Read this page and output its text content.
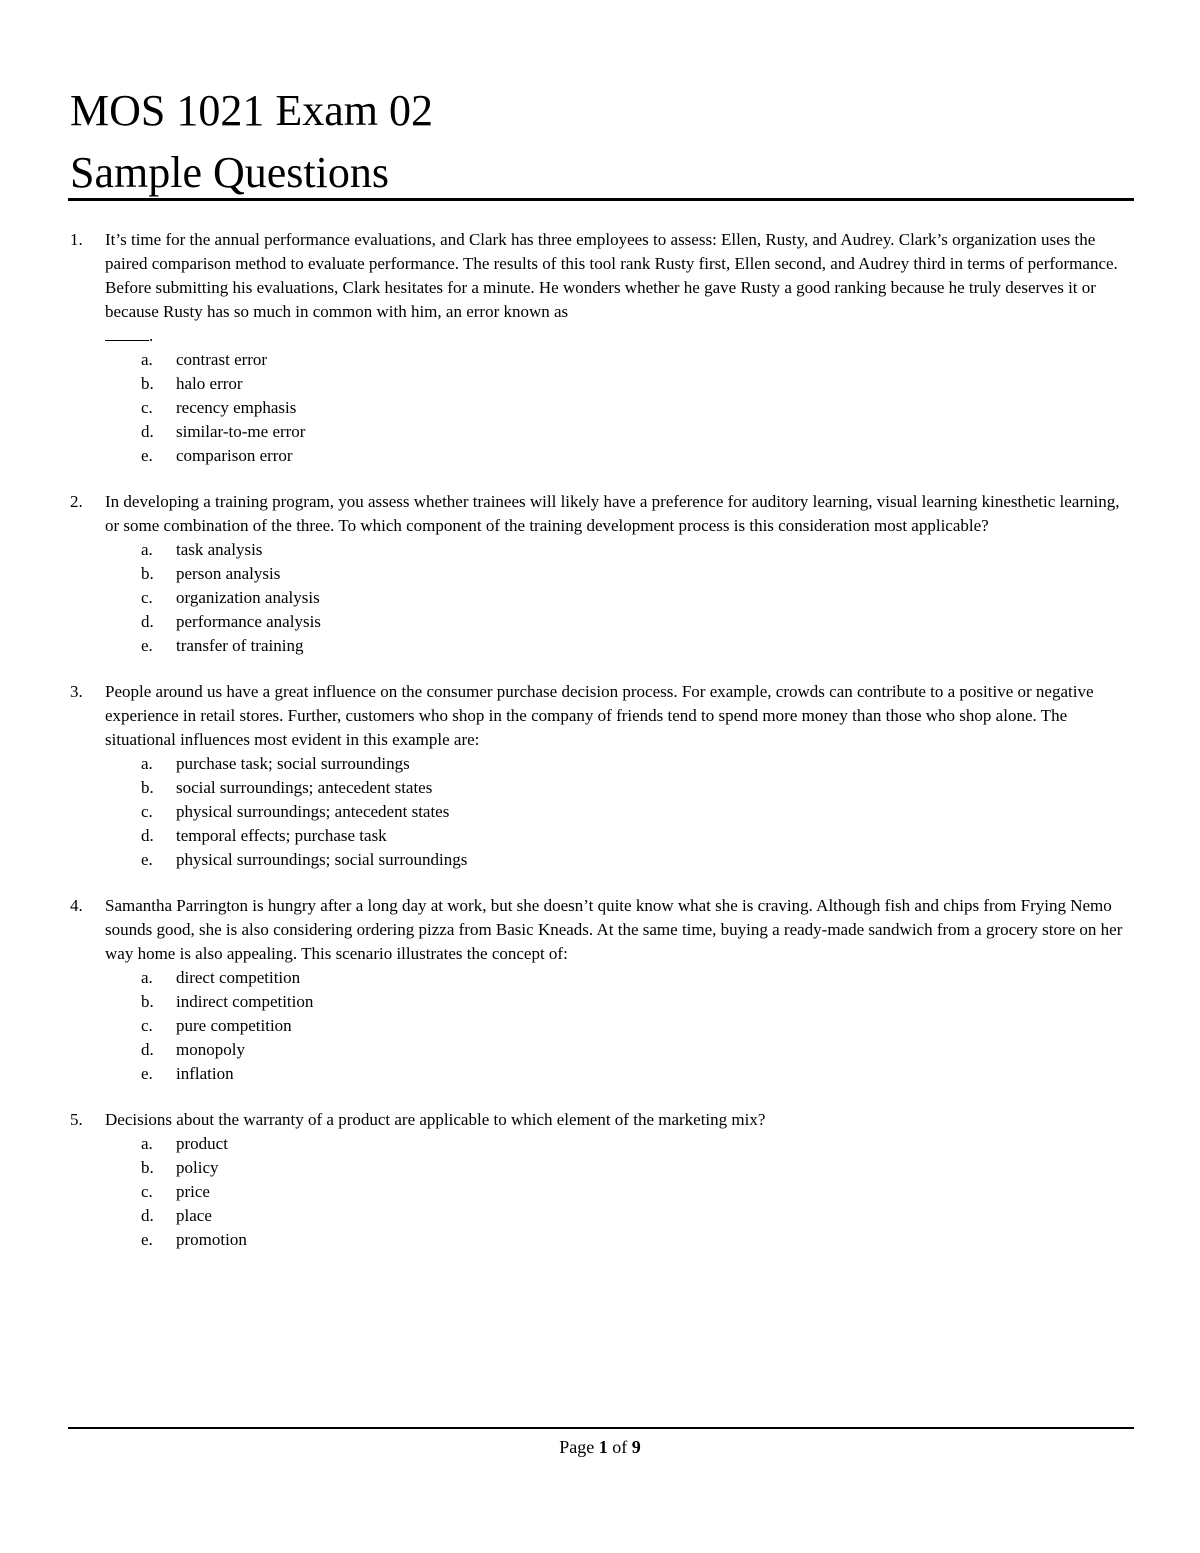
MOS 1021 Exam 02
Sample Questions
1. It’s time for the annual performance evaluations, and Clark has three employees to assess: Ellen, Rusty, and Audrey. Clark’s organization uses the paired comparison method to evaluate performance. The results of this tool rank Rusty first, Ellen second, and Audrey third in terms of performance. Before submitting his evaluations, Clark hesitates for a minute. He wonders whether he gave Rusty a good ranking because he truly deserves it or because Rusty has so much in common with him, an error known as
.

a. contrast error
b. halo error
c. recency emphasis
d. similar-to-me error
e. comparison error
2. In developing a training program, you assess whether trainees will likely have a preference for auditory learning, visual learning kinesthetic learning, or some combination of the three. To which component of the training development process is this consideration most applicable?

a. task analysis
b. person analysis
c. organization analysis
d. performance analysis
e. transfer of training
3. People around us have a great influence on the consumer purchase decision process. For example, crowds can contribute to a positive or negative experience in retail stores. Further, customers who shop in the company of friends tend to spend more money than those who shop alone. The situational influences most evident in this example are:

a. purchase task; social surroundings
b. social surroundings; antecedent states
c. physical surroundings; antecedent states
d. temporal effects; purchase task
e. physical surroundings; social surroundings
4. Samantha Parrington is hungry after a long day at work, but she doesn’t quite know what she is craving. Although fish and chips from Frying Nemo sounds good, she is also considering ordering pizza from Basic Kneads. At the same time, buying a ready-made sandwich from a grocery store on her way home is also appealing. This scenario illustrates the concept of:

a. direct competition
b. indirect competition
c. pure competition
d. monopoly
e. inflation
5. Decisions about the warranty of a product are applicable to which element of the marketing mix?

a. product
b. policy
c. price
d. place
e. promotion
Page 1 of 9
